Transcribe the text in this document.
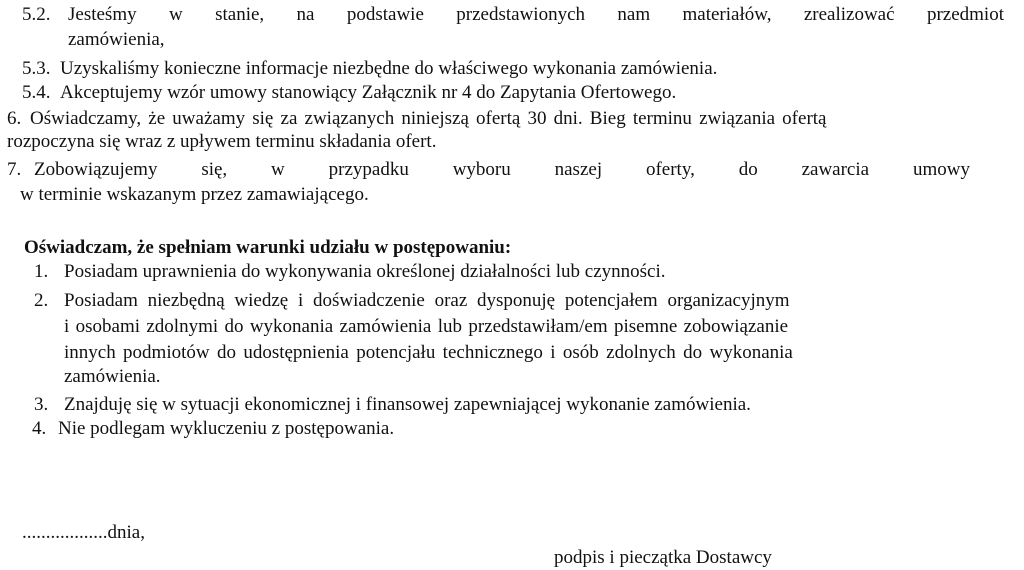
5.2. Jesteśmy w stanie, na podstawie przedstawionych nam materiałów, zrealizować przedmiot
zamówienia,
5.3. Uzyskaliśmy konieczne informacje niezbędne do właściwego wykonania zamówienia.
5.4. Akceptujemy wzór umowy stanowiący Załącznik nr 4 do Zapytania Ofertowego.
6. Oświadczamy, że uważamy się za związanych niniejszą ofertą 30 dni. Bieg terminu związania ofertą
rozpoczyna się wraz z upływem terminu składania ofert.
7. Zobowiązujemy się, w przypadku wyboru naszej oferty, do zawarcia umowy
w terminie wskazanym przez zamawiającego.
Oświadczam, że spełniam warunki udziału w postępowaniu:
1. Posiadam uprawnienia do wykonywania określonej działalności lub czynności.
2. Posiadam niezbędną wiedzę i doświadczenie oraz dysponuję potencjałem organizacyjnym
i osobami zdolnymi do wykonania zamówienia lub przedstawiłam/em pisemne zobowiązanie
innych podmiotów do udostępnienia potencjału technicznego i osób zdolnych do wykonania
zamówienia.
3. Znajduję się w sytuacji ekonomicznej i finansowej zapewniającej wykonanie zamówienia.
4. Nie podlegam wykluczeniu z postępowania.
..................dnia,
podpis i pieczątka Dostawcy
